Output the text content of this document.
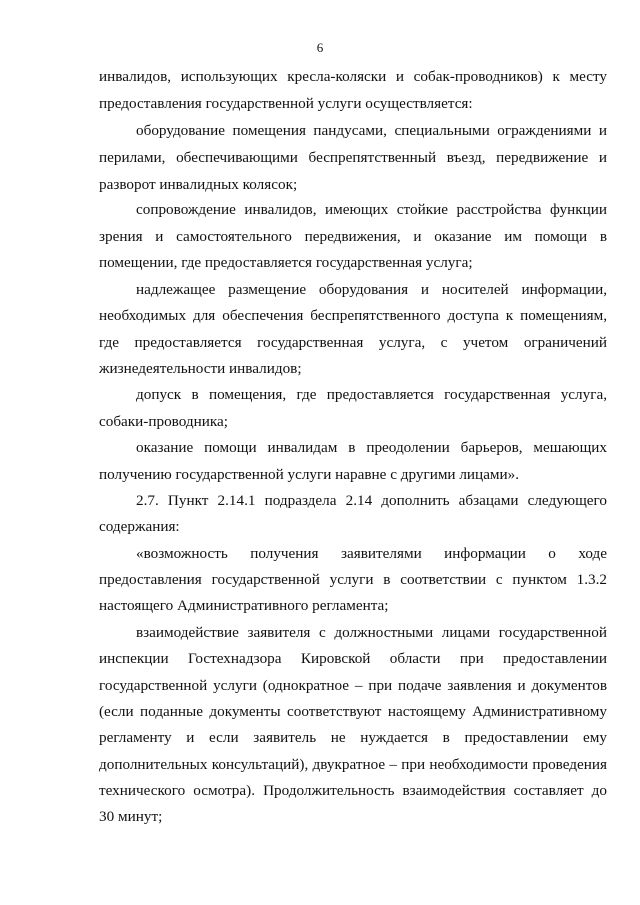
6
инвалидов, использующих кресла-коляски и собак-проводников) к месту
предоставления государственной услуги осуществляется:
оборудование помещения пандусами, специальными ограждениями и
перилами, обеспечивающими беспрепятственный въезд, передвижение и
разворот инвалидных колясок;
сопровождение инвалидов, имеющих стойкие расстройства функции
зрения и самостоятельного передвижения, и оказание им помощи в
помещении, где предоставляется государственная услуга;
надлежащее размещение оборудования и носителей информации,
необходимых для обеспечения беспрепятственного доступа к помещениям,
где предоставляется государственная услуга, с учетом ограничений
жизнедеятельности инвалидов;
допуск в помещения, где предоставляется государственная услуга,
собаки-проводника;
оказание помощи инвалидам в преодолении барьеров, мешающих
получению государственной услуги наравне с другими лицами».
2.7. Пункт 2.14.1 подраздела 2.14 дополнить абзацами следующего
содержания:
«возможность получения заявителями информации о ходе
предоставления государственной услуги в соответствии с пунктом 1.3.2
настоящего Административного регламента;
взаимодействие заявителя с должностными лицами государственной
инспекции Гостехнадзора Кировской области при предоставлении
государственной услуги (однократное – при подаче заявления и документов
(если поданные документы соответствуют настоящему Административному
регламенту и если заявитель не нуждается в предоставлении ему
дополнительных консультаций), двукратное – при необходимости проведения
технического осмотра). Продолжительность взаимодействия составляет до
30 минут;
